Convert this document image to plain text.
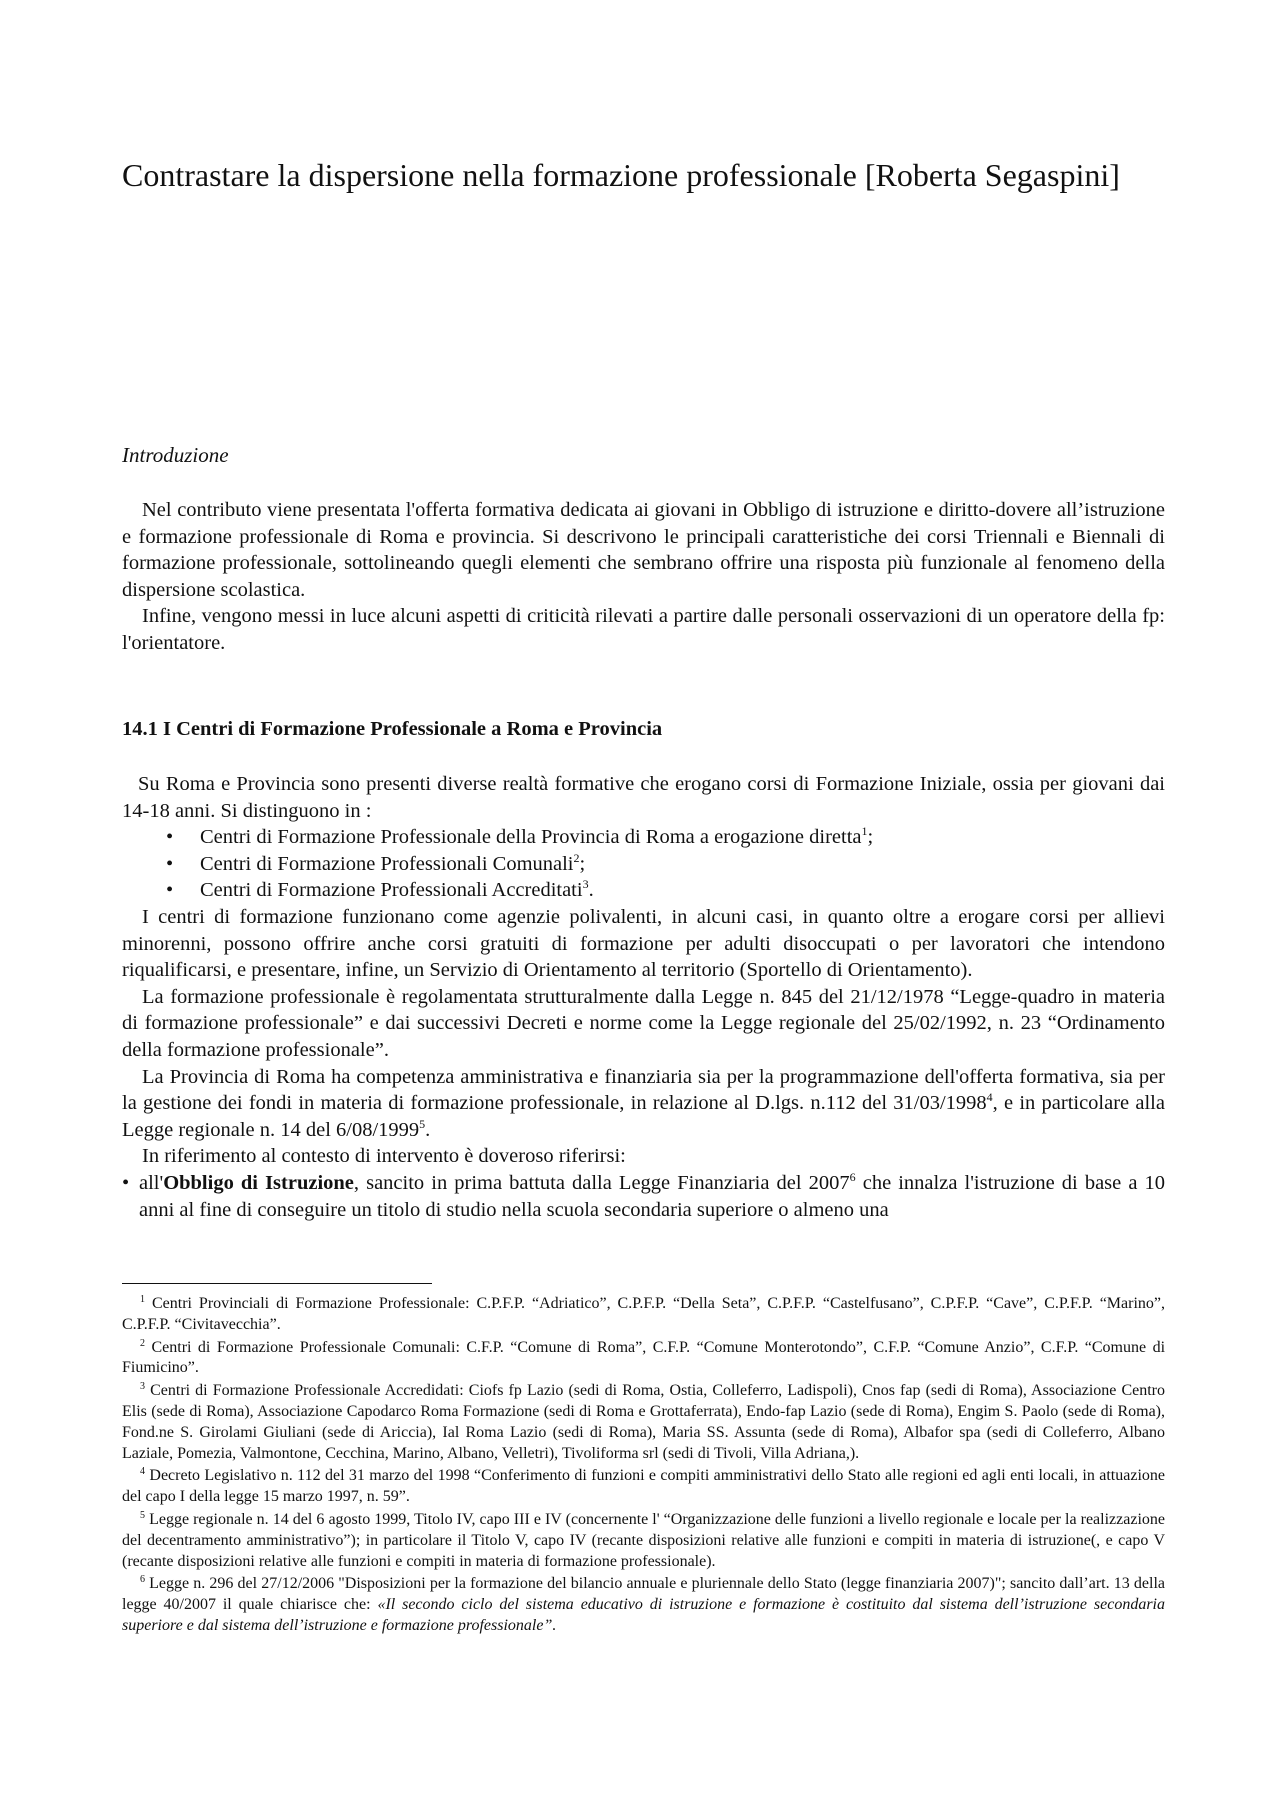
Contrastare la dispersione nella formazione professionale [Roberta Segaspini]
Introduzione

Nel contributo viene presentata l'offerta formativa dedicata ai giovani in Obbligo di istruzione e diritto-dovere all’istruzione e formazione professionale di Roma e provincia. Si descrivono le principali caratteristiche dei corsi Triennali e Biennali di formazione professionale, sottolineando quegli elementi che sembrano offrire una risposta più funzionale al fenomeno della dispersione scolastica.

Infine, vengono messi in luce alcuni aspetti di criticità rilevati a partire dalle personali osservazioni di un operatore della fp: l'orientatore.

14.1 I Centri di Formazione Professionale a Roma e Provincia

Su Roma e Provincia sono presenti diverse realtà formative che erogano corsi di Formazione Iniziale, ossia per giovani dai 14-18 anni. Si distinguono in :

• Centri di Formazione Professionale della Provincia di Roma a erogazione diretta$^1$;
• Centri di Formazione Professionali Comunali$^2$;
• Centri di Formazione Professionali Accreditati$^3$.

I centri di formazione funzionano come agenzie polivalenti, in alcuni casi, in quanto oltre a erogare corsi per allievi minorenni, possono offrire anche corsi gratuiti di formazione per adulti disoccupati o per lavoratori che intendono riqualificarsi, e presentare, infine, un Servizio di Orientamento al territorio (Sportello di Orientamento).

La formazione professionale è regolamentata strutturalmente dalla Legge n. 845 del 21/12/1978 “Legge-quadro in materia di formazione professionale” e dai successivi Decreti e norme come la Legge regionale del 25/02/1992, n. 23 “Ordinamento della formazione professionale”.

La Provincia di Roma ha competenza amministrativa e finanziaria sia per la programmazione dell'offerta formativa, sia per la gestione dei fondi in materia di formazione professionale, in relazione al D.lgs. n.112 del 31/03/1998$^4$, e in particolare alla Legge regionale n. 14 del 6/08/1999$^5$.

In riferimento al contesto di intervento è doveroso riferirsi:

• all'Obbligo di Istruzione, sancito in prima battuta dalla Legge Finanziaria del 2007$^6$ che innalza l'istruzione di base a 10 anni al fine di conseguire un titolo di studio nella scuola secondaria superiore o almeno una

$^1$ Centri Provinciali di Formazione Professionale: C.P.F.P. “Adriatico”, C.P.F.P. “Della Seta”, C.P.F.P. “Castelfusano”, C.P.F.P. “Cave”, C.P.F.P. “Marino”, C.P.F.P. “Civitavecchia”.

$^2$ Centri di Formazione Professionale Comunali: C.F.P. “Comune di Roma”, C.F.P. “Comune Monterotondo”, C.F.P. “Comune Anzio”, C.F.P. “Comune di Fiumicino”.

$^3$ Centri di Formazione Professionale Accredidati: Ciofs fp Lazio (sedi di Roma, Ostia, Colleferro, Ladispoli), Cnos fap (sedi di Roma), Associazione Centro Elis (sede di Roma), Associazione Capodarco Roma Formazione (sedi di Roma e Grottaferrata), Endo-fap Lazio (sede di Roma), Engim S. Paolo (sede di Roma), Fond.ne S. Girolami Giuliani (sede di Ariccia), Ial Roma Lazio (sedi di Roma), Maria SS. Assunta (sede di Roma), Albafor spa (sedi di Colleferro, Albano Laziale, Pomezia, Valmontone, Cecchina, Marino, Albano, Velletri), Tivoliforma srl (sedi di Tivoli, Villa Adriana,).

$^4$ Decreto Legislativo n. 112 del 31 marzo del 1998 “Conferimento di funzioni e compiti amministrativi dello Stato alle regioni ed agli enti locali, in attuazione del capo I della legge 15 marzo 1997, n. 59”.

$^5$ Legge regionale n. 14 del 6 agosto 1999, Titolo IV, capo III e IV (concernente l' “Organizzazione delle funzioni a livello regionale e locale per la realizzazione del decentramento amministrativo”); in particolare il Titolo V, capo IV (recante disposizioni relative alle funzioni e compiti in materia di istruzione(, e capo V (recante disposizioni relative alle funzioni e compiti in materia di formazione professionale).

$^6$ Legge n. 296 del 27/12/2006 "Disposizioni per la formazione del bilancio annuale e pluriennale dello Stato (legge finanziaria 2007)"; sancito dall’art. 13 della legge 40/2007 il quale chiarisce che: «Il secondo ciclo del sistema educativo di istruzione e formazione è costituito dal sistema dell’istruzione secondaria superiore e dal sistema dell’istruzione e formazione professionale”.
